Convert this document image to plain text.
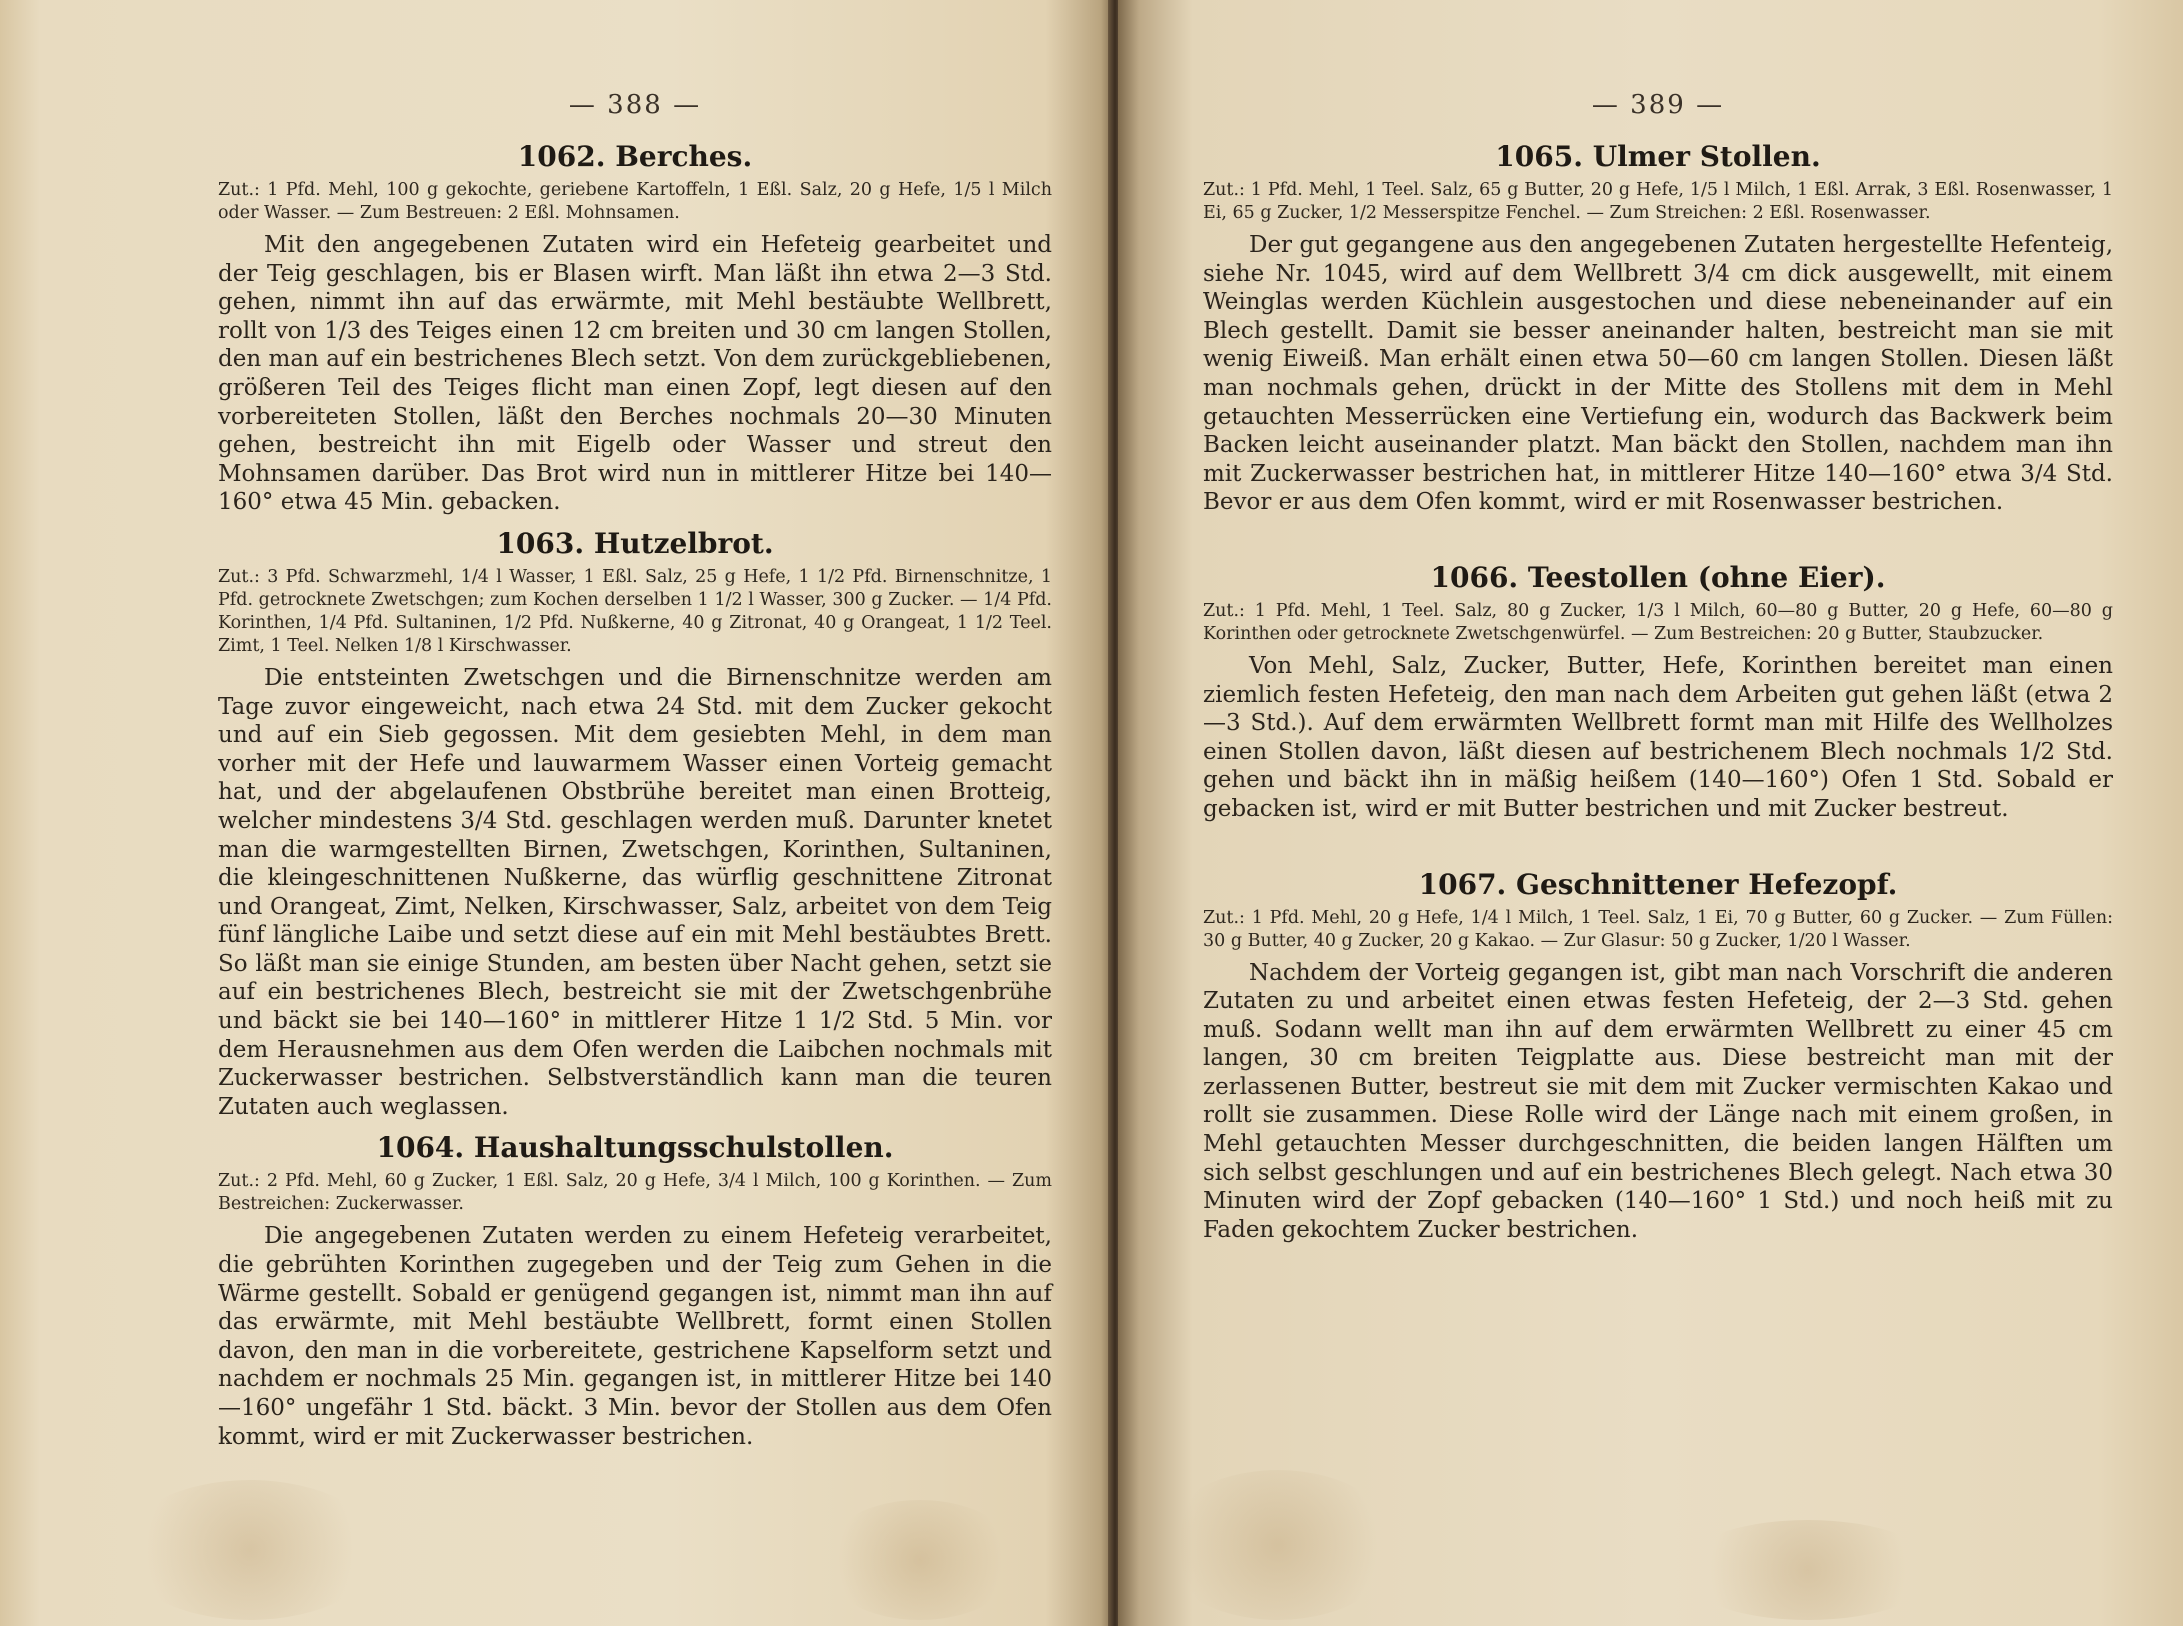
— 388 —
1062. Berches.

Zut.: 1 Pfd. Mehl, 100 g gekochte, geriebene Kartoffeln, 1 Eßl. Salz, 20 g Hefe, 1/5 l Milch oder Wasser. — Zum Bestreuen: 2 Eßl. Mohnsamen.

Mit den angegebenen Zutaten wird ein Hefeteig gearbeitet und der Teig geschlagen, bis er Blasen wirft. Man läßt ihn etwa 2—3 Std. gehen, nimmt ihn auf das erwärmte, mit Mehl bestäubte Wellbrett, rollt von 1/3 des Teiges einen 12 cm breiten und 30 cm langen Stollen, den man auf ein bestrichenes Blech setzt. Von dem zurückgebliebenen, größeren Teil des Teiges flicht man einen Zopf, legt diesen auf den vorbereiteten Stollen, läßt den Berches nochmals 20—30 Minuten gehen, bestreicht ihn mit Eigelb oder Wasser und streut den Mohnsamen darüber. Das Brot wird nun in mittlerer Hitze bei 140—160° etwa 45 Min. gebacken.

1063. Hutzelbrot.

Zut.: 3 Pfd. Schwarzmehl, 1/4 l Wasser, 1 Eßl. Salz, 25 g Hefe, 1 1/2 Pfd. Birnenschnitze, 1 Pfd. getrocknete Zwetschgen; zum Kochen derselben 1 1/2 l Wasser, 300 g Zucker. — 1/4 Pfd. Korinthen, 1/4 Pfd. Sultaninen, 1/2 Pfd. Nußkerne, 40 g Zitronat, 40 g Orangeat, 1 1/2 Teel. Zimt, 1 Teel. Nelken 1/8 l Kirschwasser.

Die entsteinten Zwetschgen und die Birnenschnitze werden am Tage zuvor eingeweicht, nach etwa 24 Std. mit dem Zucker gekocht und auf ein Sieb gegossen. Mit dem gesiebten Mehl, in dem man vorher mit der Hefe und lauwarmem Wasser einen Vorteig gemacht hat, und der abgelaufenen Obstbrühe bereitet man einen Brotteig, welcher mindestens 3/4 Std. geschlagen werden muß. Darunter knetet man die warmgestellten Birnen, Zwetschgen, Korinthen, Sultaninen, die kleingeschnittenen Nußkerne, das würflig geschnittene Zitronat und Orangeat, Zimt, Nelken, Kirschwasser, Salz, arbeitet von dem Teig fünf längliche Laibe und setzt diese auf ein mit Mehl bestäubtes Brett. So läßt man sie einige Stunden, am besten über Nacht gehen, setzt sie auf ein bestrichenes Blech, bestreicht sie mit der Zwetschgenbrühe und bäckt sie bei 140—160° in mittlerer Hitze 1 1/2 Std. 5 Min. vor dem Herausnehmen aus dem Ofen werden die Laibchen nochmals mit Zuckerwasser bestrichen. Selbstverständlich kann man die teuren Zutaten auch weglassen.

1064. Haushaltungsschulstollen.

Zut.: 2 Pfd. Mehl, 60 g Zucker, 1 Eßl. Salz, 20 g Hefe, 3/4 l Milch, 100 g Korinthen. — Zum Bestreichen: Zuckerwasser.

Die angegebenen Zutaten werden zu einem Hefeteig verarbeitet, die gebrühten Korinthen zugegeben und der Teig zum Gehen in die Wärme gestellt. Sobald er genügend gegangen ist, nimmt man ihn auf das erwärmte, mit Mehl bestäubte Wellbrett, formt einen Stollen davon, den man in die vorbereitete, gestrichene Kapselform setzt und nachdem er nochmals 25 Min. gegangen ist, in mittlerer Hitze bei 140—160° ungefähr 1 Std. bäckt. 3 Min. bevor der Stollen aus dem Ofen kommt, wird er mit Zuckerwasser bestrichen.

— 389 —
1065. Ulmer Stollen.

Zut.: 1 Pfd. Mehl, 1 Teel. Salz, 65 g Butter, 20 g Hefe, 1/5 l Milch, 1 Eßl. Arrak, 3 Eßl. Rosenwasser, 1 Ei, 65 g Zucker, 1/2 Messerspitze Fenchel. — Zum Streichen: 2 Eßl. Rosenwasser.

Der gut gegangene aus den angegebenen Zutaten hergestellte Hefenteig, siehe Nr. 1045, wird auf dem Wellbrett 3/4 cm dick ausgewellt, mit einem Weinglas werden Küchlein ausgestochen und diese nebeneinander auf ein Blech gestellt. Damit sie besser aneinander halten, bestreicht man sie mit wenig Eiweiß. Man erhält einen etwa 50—60 cm langen Stollen. Diesen läßt man nochmals gehen, drückt in der Mitte des Stollens mit dem in Mehl getauchten Messerrücken eine Vertiefung ein, wodurch das Backwerk beim Backen leicht auseinander platzt. Man bäckt den Stollen, nachdem man ihn mit Zuckerwasser bestrichen hat, in mittlerer Hitze 140—160° etwa 3/4 Std. Bevor er aus dem Ofen kommt, wird er mit Rosenwasser bestrichen.

1066. Teestollen (ohne Eier).

Zut.: 1 Pfd. Mehl, 1 Teel. Salz, 80 g Zucker, 1/3 l Milch, 60—80 g Butter, 20 g Hefe, 60—80 g Korinthen oder getrocknete Zwetschgenwürfel. — Zum Bestreichen: 20 g Butter, Staubzucker.

Von Mehl, Salz, Zucker, Butter, Hefe, Korinthen bereitet man einen ziemlich festen Hefeteig, den man nach dem Arbeiten gut gehen läßt (etwa 2—3 Std.). Auf dem erwärmten Wellbrett formt man mit Hilfe des Wellholzes einen Stollen davon, läßt diesen auf bestrichenem Blech nochmals 1/2 Std. gehen und bäckt ihn in mäßig heißem (140—160°) Ofen 1 Std. Sobald er gebacken ist, wird er mit Butter bestrichen und mit Zucker bestreut.

1067. Geschnittener Hefezopf.

Zut.: 1 Pfd. Mehl, 20 g Hefe, 1/4 l Milch, 1 Teel. Salz, 1 Ei, 70 g Butter, 60 g Zucker. — Zum Füllen: 30 g Butter, 40 g Zucker, 20 g Kakao. — Zur Glasur: 50 g Zucker, 1/20 l Wasser.

Nachdem der Vorteig gegangen ist, gibt man nach Vorschrift die anderen Zutaten zu und arbeitet einen etwas festen Hefeteig, der 2—3 Std. gehen muß. Sodann wellt man ihn auf dem erwärmten Wellbrett zu einer 45 cm langen, 30 cm breiten Teigplatte aus. Diese bestreicht man mit der zerlassenen Butter, bestreut sie mit dem mit Zucker vermischten Kakao und rollt sie zusammen. Diese Rolle wird der Länge nach mit einem großen, in Mehl getauchten Messer durchgeschnitten, die beiden langen Hälften um sich selbst geschlungen und auf ein bestrichenes Blech gelegt. Nach etwa 30 Minuten wird der Zopf gebacken (140—160° 1 Std.) und noch heiß mit zu Faden gekochtem Zucker bestrichen.
